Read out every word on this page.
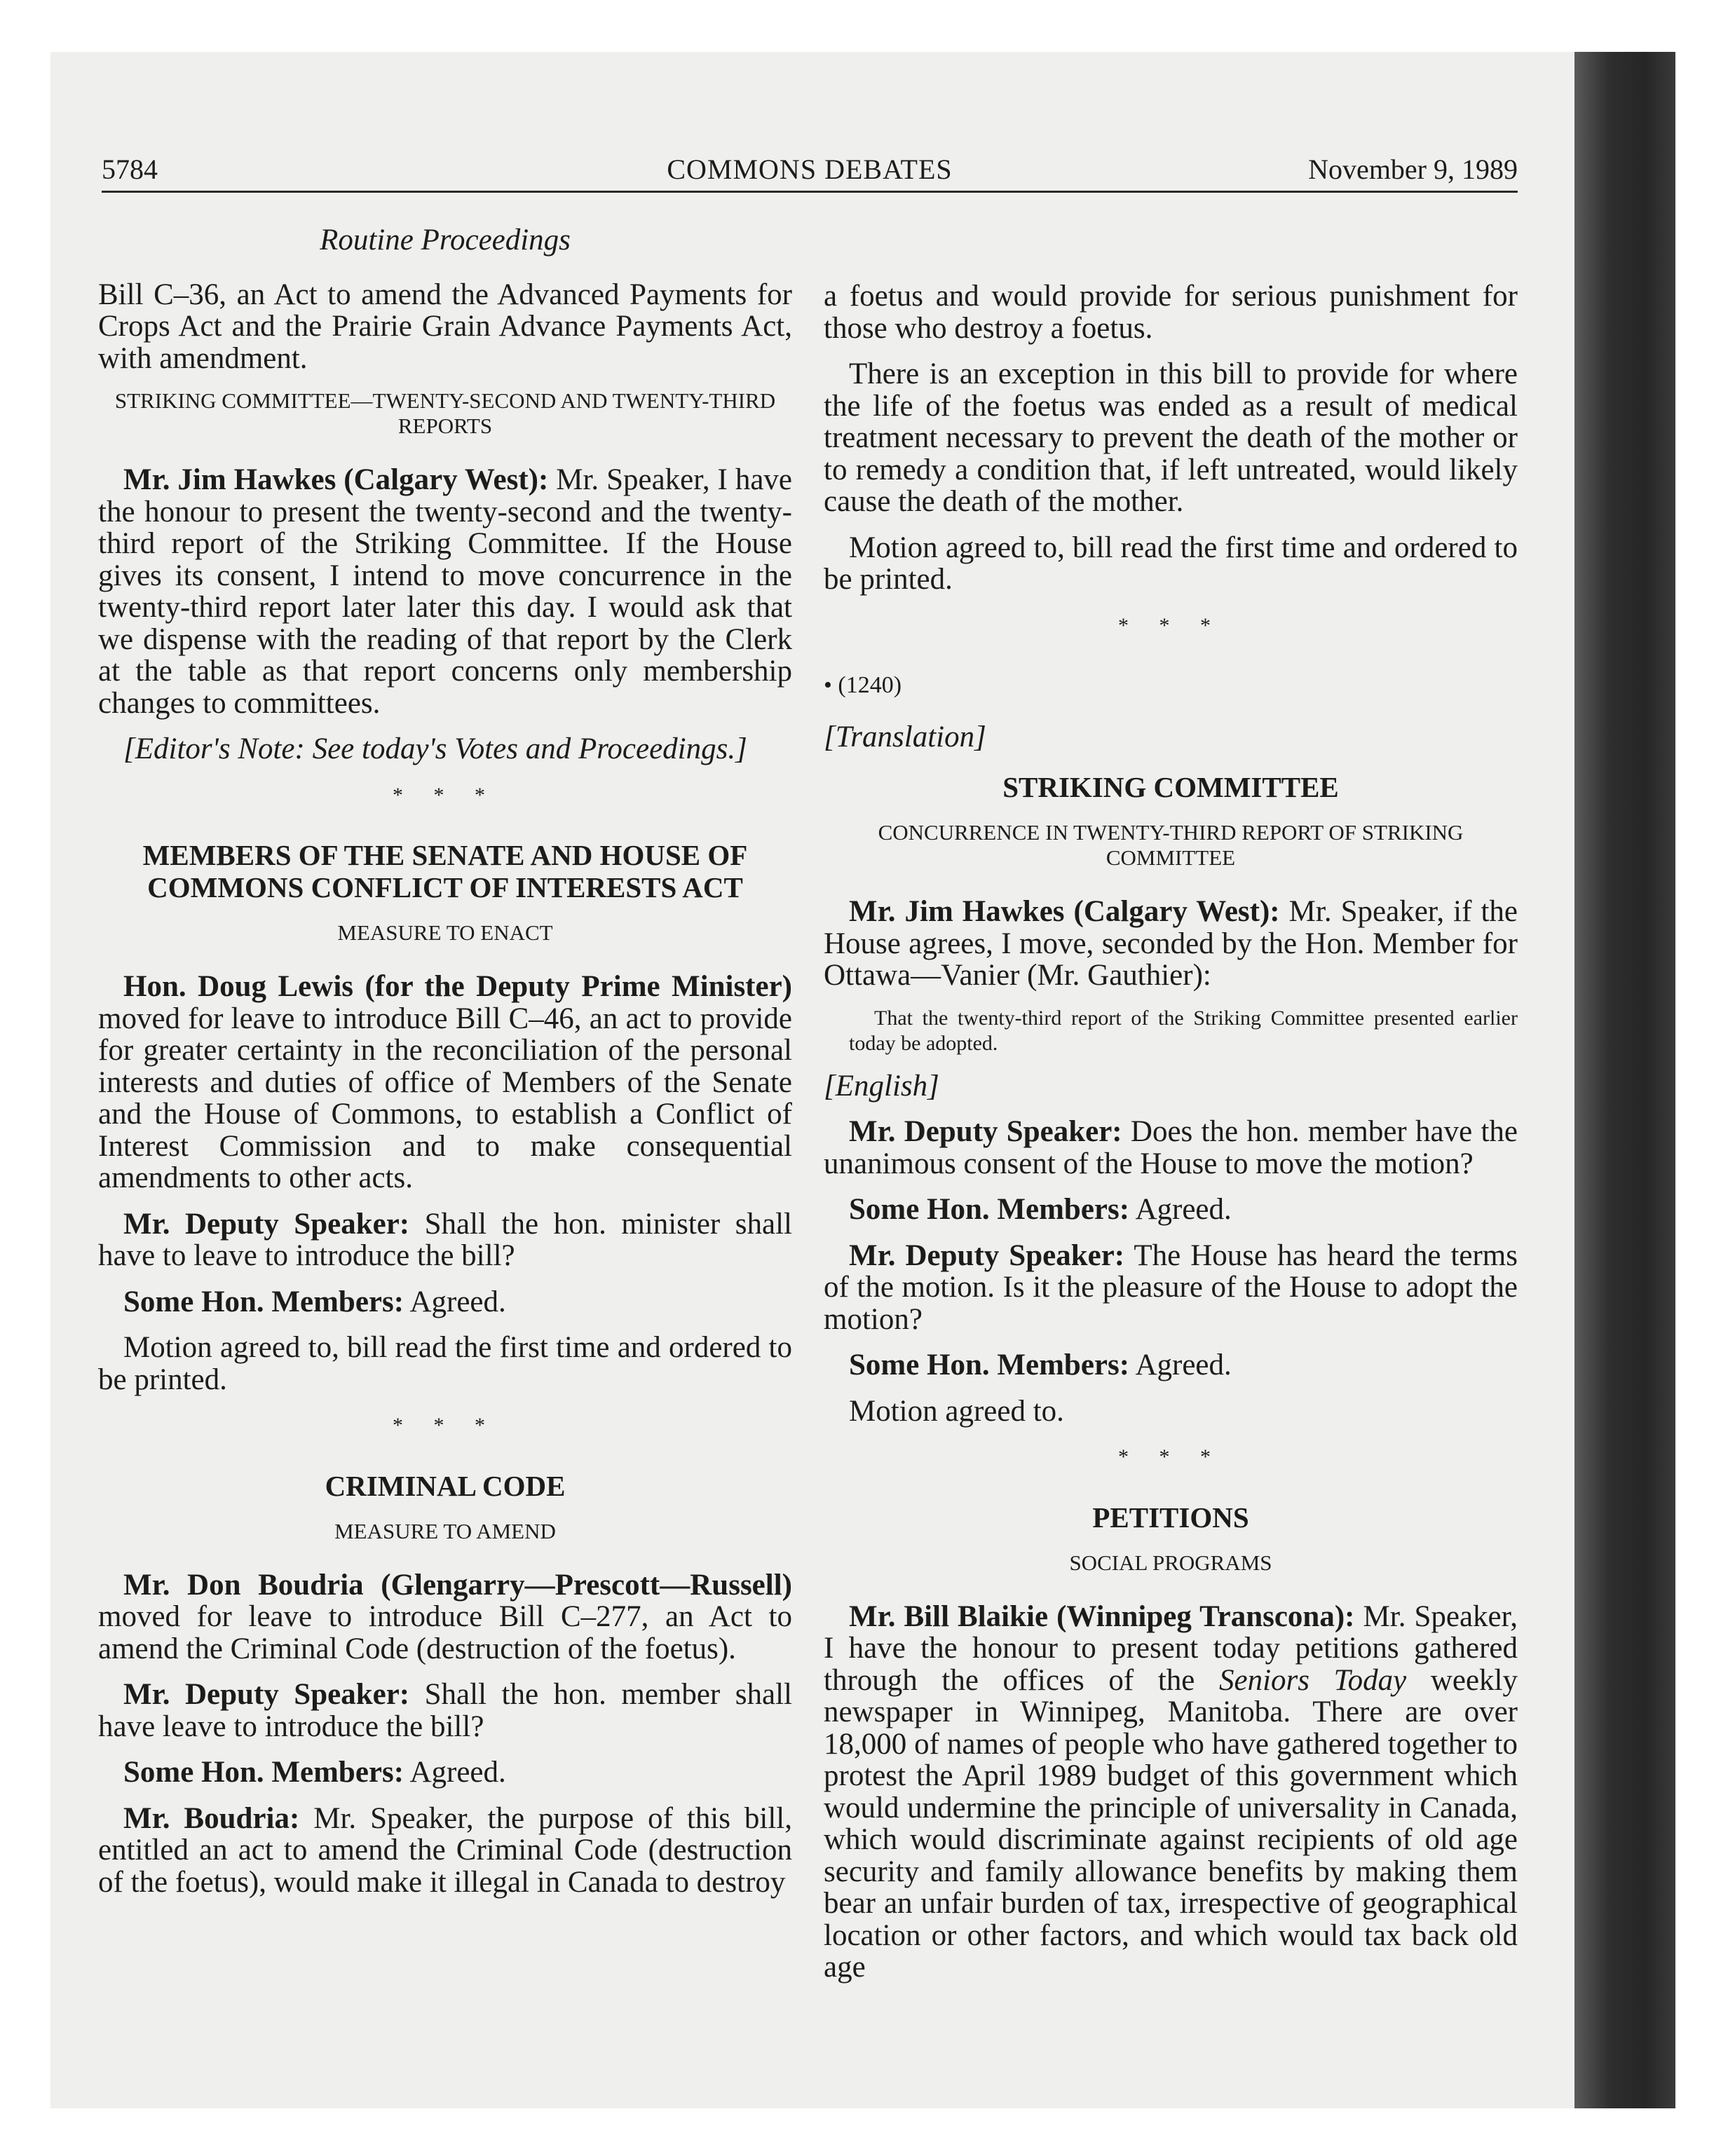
5784	COMMONS DEBATES	November 9, 1989
Routine Proceedings

Bill C–36, an Act to amend the Advanced Payments for Crops Act and the Prairie Grain Advance Payments Act, with amendment.

STRIKING COMMITTEE—TWENTY-SECOND AND TWENTY-THIRD REPORTS

Mr. Jim Hawkes (Calgary West): Mr. Speaker, I have the honour to present the twenty-second and the twenty-third report of the Striking Committee. If the House gives its consent, I intend to move concurrence in the twenty-third report later later this day. I would ask that we dispense with the reading of that report by the Clerk at the table as that report concerns only membership changes to committees.

[Editor's Note: See today's Votes and Proceedings.]

* * *
MEMBERS OF THE SENATE AND HOUSE OF COMMONS CONFLICT OF INTERESTS ACT
MEASURE TO ENACT

Hon. Doug Lewis (for the Deputy Prime Minister) moved for leave to introduce Bill C–46, an act to provide for greater certainty in the reconciliation of the personal interests and duties of office of Members of the Senate and the House of Commons, to establish a Conflict of Interest Commission and to make consequential amendments to other acts.

Mr. Deputy Speaker: Shall the hon. minister shall have to leave to introduce the bill?

Some Hon. Members: Agreed.

Motion agreed to, bill read the first time and ordered to be printed.

* * *
CRIMINAL CODE
MEASURE TO AMEND

Mr. Don Boudria (Glengarry—Prescott—Russell) moved for leave to introduce Bill C–277, an Act to amend the Criminal Code (destruction of the foetus).

Mr. Deputy Speaker: Shall the hon. member shall have leave to introduce the bill?

Some Hon. Members: Agreed.

Mr. Boudria: Mr. Speaker, the purpose of this bill, entitled an act to amend the Criminal Code (destruction of the foetus), would make it illegal in Canada to destroy

a foetus and would provide for serious punishment for those who destroy a foetus.

There is an exception in this bill to provide for where the life of the foetus was ended as a result of medical treatment necessary to prevent the death of the mother or to remedy a condition that, if left untreated, would likely cause the death of the mother.

Motion agreed to, bill read the first time and ordered to be printed.

* * *

• (1240)

[Translation]

STRIKING COMMITTEE
CONCURRENCE IN TWENTY-THIRD REPORT OF STRIKING COMMITTEE

Mr. Jim Hawkes (Calgary West): Mr. Speaker, if the House agrees, I move, seconded by the Hon. Member for Ottawa—Vanier (Mr. Gauthier):

That the twenty-third report of the Striking Committee presented earlier today be adopted.

[English]

Mr. Deputy Speaker: Does the hon. member have the unanimous consent of the House to move the motion?

Some Hon. Members: Agreed.

Mr. Deputy Speaker: The House has heard the terms of the motion. Is it the pleasure of the House to adopt the motion?

Some Hon. Members: Agreed.

Motion agreed to.

* * *
PETITIONS
SOCIAL PROGRAMS

Mr. Bill Blaikie (Winnipeg Transcona): Mr. Speaker, I have the honour to present today petitions gathered through the offices of the Seniors Today weekly newspaper in Winnipeg, Manitoba. There are over 18,000 of names of people who have gathered together to protest the April 1989 budget of this government which would undermine the principle of universality in Canada, which would discriminate against recipients of old age security and family allowance benefits by making them bear an unfair burden of tax, irrespective of geographical location or other factors, and which would tax back old age
